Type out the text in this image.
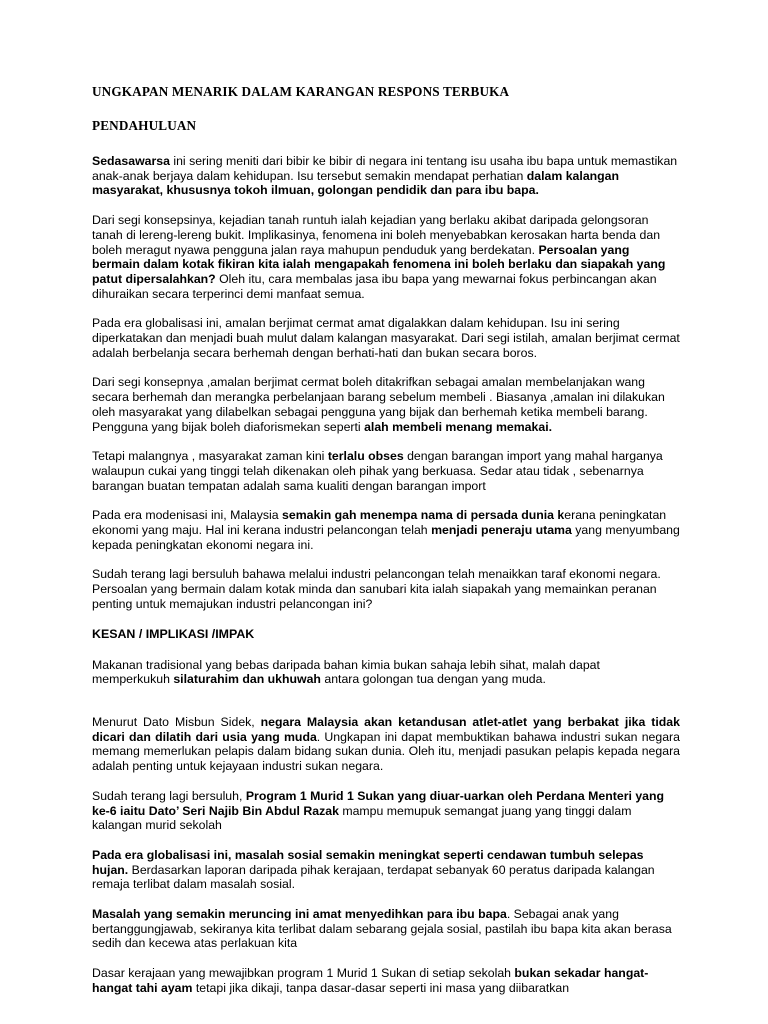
UNGKAPAN MENARIK DALAM KARANGAN RESPONS TERBUKA

PENDAHULUAN

Sedasawarsa ini sering meniti dari bibir ke bibir di negara ini tentang isu usaha ibu bapa untuk memastikan anak-anak berjaya dalam kehidupan. Isu tersebut semakin mendapat perhatian dalam kalangan masyarakat, khususnya tokoh ilmuan, golongan pendidik dan para ibu bapa.

Dari segi konsepsinya, kejadian tanah runtuh ialah kejadian yang berlaku akibat daripada gelongsoran tanah di lereng-lereng bukit. Implikasinya, fenomena ini boleh menyebabkan kerosakan harta benda dan boleh meragut nyawa pengguna jalan raya mahupun penduduk yang berdekatan. Persoalan yang bermain dalam kotak fikiran kita ialah mengapakah fenomena ini boleh berlaku dan siapakah yang patut dipersalahkan? Oleh itu, cara membalas jasa ibu bapa yang mewarnai fokus perbincangan akan dihuraikan secara terperinci demi manfaat semua.

Pada era globalisasi ini, amalan berjimat cermat amat digalakkan dalam kehidupan. Isu ini sering diperkatakan dan menjadi buah mulut dalam kalangan masyarakat. Dari segi istilah, amalan berjimat cermat adalah berbelanja secara berhemah dengan berhati-hati dan bukan secara boros.

Dari segi konsepnya ,amalan berjimat cermat boleh ditakrifkan sebagai amalan membelanjakan wang secara berhemah dan merangka perbelanjaan barang sebelum membeli . Biasanya ,amalan ini dilakukan oleh masyarakat yang dilabelkan sebagai pengguna yang bijak dan berhemah ketika membeli barang. Pengguna yang bijak boleh diaforismekan seperti alah membeli menang memakai.

Tetapi malangnya , masyarakat zaman kini terlalu obses dengan barangan import yang mahal harganya walaupun cukai yang tinggi telah dikenakan oleh pihak yang berkuasa. Sedar atau tidak , sebenarnya barangan buatan tempatan adalah sama kualiti dengan barangan import

Pada era modenisasi ini, Malaysia semakin gah menempa nama di persada dunia kerana peningkatan ekonomi yang maju. Hal ini kerana industri pelancongan telah menjadi peneraju utama yang menyumbang kepada peningkatan ekonomi negara ini.

Sudah terang lagi bersuluh bahawa melalui industri pelancongan telah menaikkan taraf ekonomi negara. Persoalan yang bermain dalam kotak minda dan sanubari kita ialah siapakah yang memainkan peranan penting untuk memajukan industri pelancongan ini?

KESAN / IMPLIKASI /IMPAK

Makanan tradisional yang bebas daripada bahan kimia bukan sahaja lebih sihat, malah dapat memperkukuh silaturahim dan ukhuwah antara golongan tua dengan yang muda.

Menurut Dato Misbun Sidek, negara Malaysia akan ketandusan atlet-atlet yang berbakat jika tidak dicari dan dilatih dari usia yang muda. Ungkapan ini dapat membuktikan bahawa industri sukan negara memang memerlukan pelapis dalam bidang sukan dunia. Oleh itu, menjadi pasukan pelapis kepada negara adalah penting untuk kejayaan industri sukan negara.

Sudah terang lagi bersuluh, Program 1 Murid 1 Sukan yang diuar-uarkan oleh Perdana Menteri yang ke-6 iaitu Dato’ Seri Najib Bin Abdul Razak mampu memupuk semangat juang yang tinggi dalam kalangan murid sekolah

Pada era globalisasi ini, masalah sosial semakin meningkat seperti cendawan tumbuh selepas hujan. Berdasarkan laporan daripada pihak kerajaan, terdapat sebanyak 60 peratus daripada kalangan remaja terlibat dalam masalah sosial.

Masalah yang semakin meruncing ini amat menyedihkan para ibu bapa. Sebagai anak yang bertanggungjawab, sekiranya kita terlibat dalam sebarang gejala sosial, pastilah ibu bapa kita akan berasa sedih dan kecewa atas perlakuan kita

Dasar kerajaan yang mewajibkan program 1 Murid 1 Sukan di setiap sekolah bukan sekadar hangat-hangat tahi ayam tetapi jika dikaji, tanpa dasar-dasar seperti ini masa yang diibaratkan
